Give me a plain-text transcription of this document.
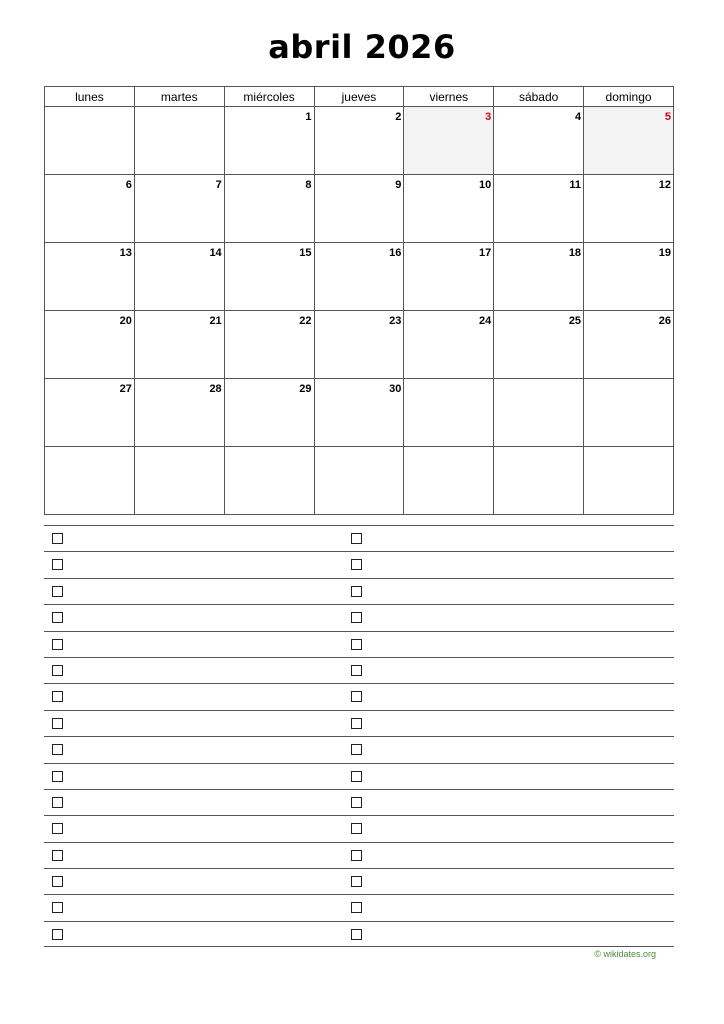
abril 2026
lunes	martes	miércoles	jueves	viernes	sábado	domingo
		1	2	3	4	5
6	7	8	9	10	11	12
13	14	15	16	17	18	19
20	21	22	23	24	25	26
27	28	29	30			

© wikidates.org
